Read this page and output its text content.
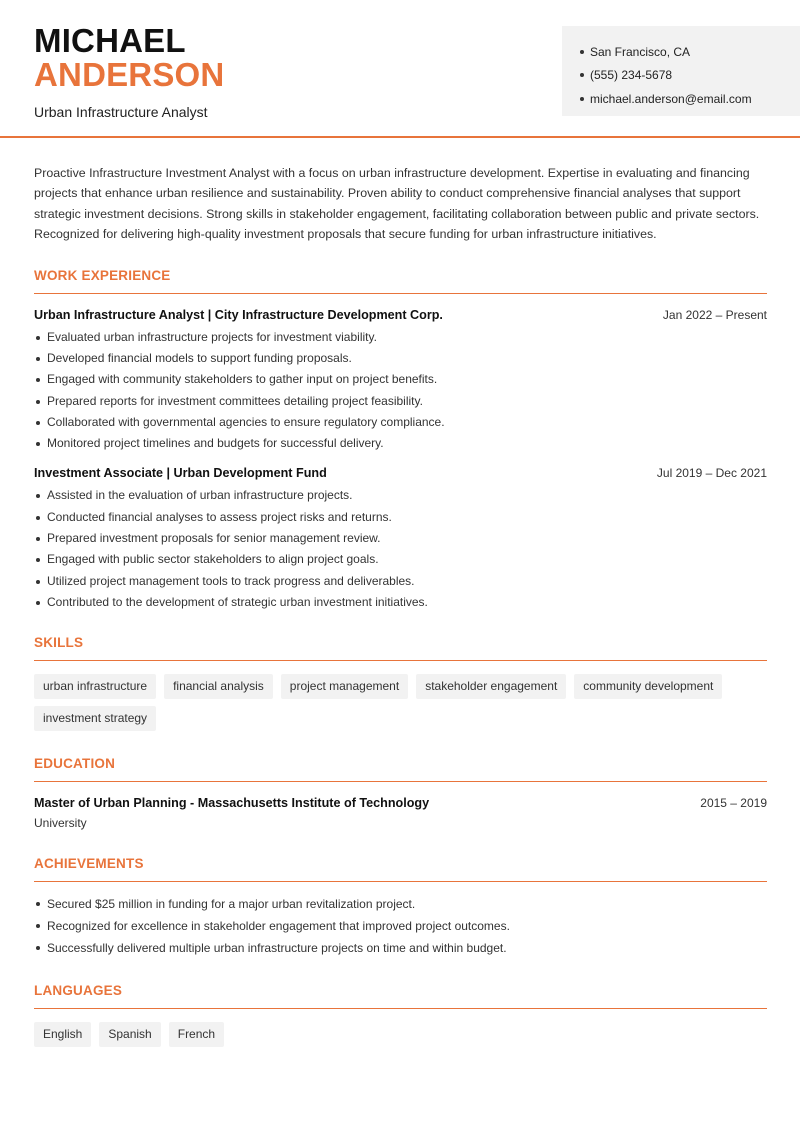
MICHAEL
ANDERSON
Urban Infrastructure Analyst
San Francisco, CA
(555) 234-5678
michael.anderson@email.com

Proactive Infrastructure Investment Analyst with a focus on urban infrastructure development. Expertise in evaluating and financing projects that enhance urban resilience and sustainability. Proven ability to conduct comprehensive financial analyses that support strategic investment decisions. Strong skills in stakeholder engagement, facilitating collaboration between public and private sectors. Recognized for delivering high-quality investment proposals that secure funding for urban infrastructure initiatives.

WORK EXPERIENCE
Urban Infrastructure Analyst | City Infrastructure Development Corp.	Jan 2022 – Present
Evaluated urban infrastructure projects for investment viability.
Developed financial models to support funding proposals.
Engaged with community stakeholders to gather input on project benefits.
Prepared reports for investment committees detailing project feasibility.
Collaborated with governmental agencies to ensure regulatory compliance.
Monitored project timelines and budgets for successful delivery.
Investment Associate | Urban Development Fund	Jul 2019 – Dec 2021
Assisted in the evaluation of urban infrastructure projects.
Conducted financial analyses to assess project risks and returns.
Prepared investment proposals for senior management review.
Engaged with public sector stakeholders to align project goals.
Utilized project management tools to track progress and deliverables.
Contributed to the development of strategic urban investment initiatives.
SKILLS
urban infrastructure	financial analysis	project management	stakeholder engagement	community development
investment strategy
EDUCATION
Master of Urban Planning - Massachusetts Institute of Technology	2015 – 2019
University
ACHIEVEMENTS
Secured $25 million in funding for a major urban revitalization project.
Recognized for excellence in stakeholder engagement that improved project outcomes.
Successfully delivered multiple urban infrastructure projects on time and within budget.
LANGUAGES
English	Spanish	French
